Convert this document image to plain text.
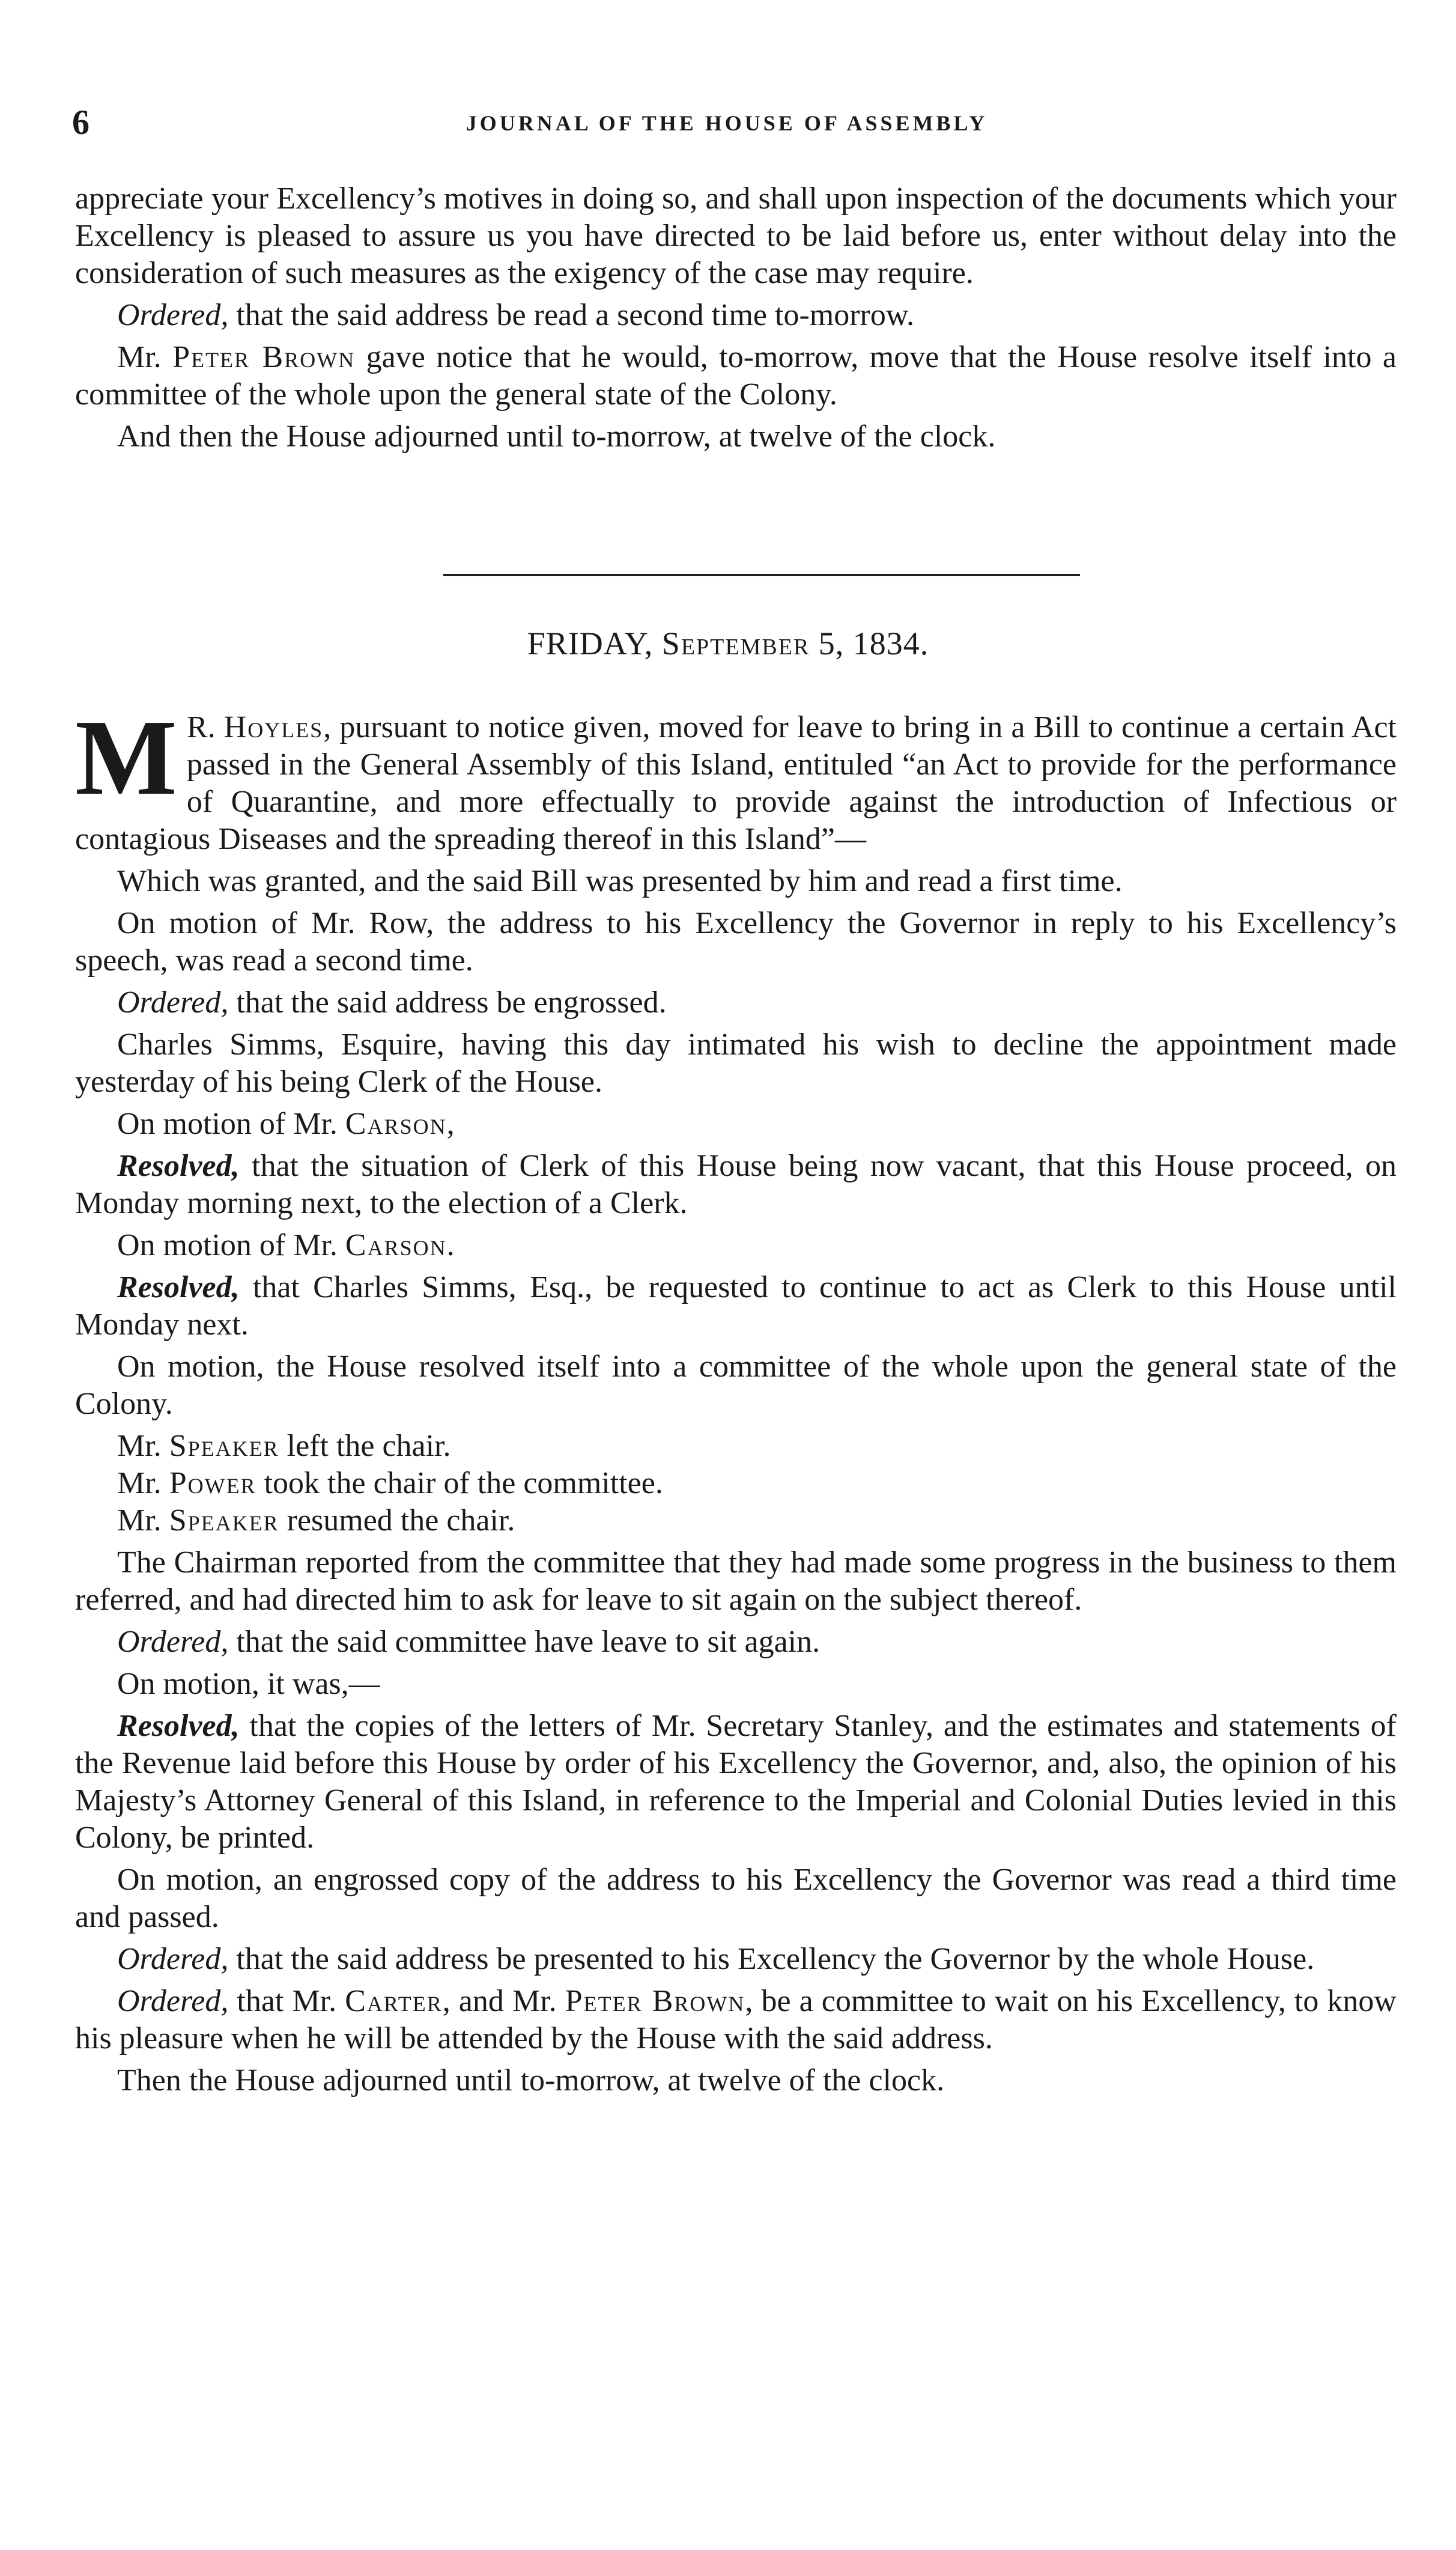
6	JOURNAL OF THE HOUSE OF ASSEMBLY

appreciate your Excellency’s motives in doing so, and shall upon inspection of the documents which your Excellency is pleased to assure us you have directed to be laid before us, enter without delay into the consideration of such measures as the exigency of the case may require.

Ordered, that the said address be read a second time to-morrow.

Mr. Peter Brown gave notice that he would, to-morrow, move that the House resolve itself into a committee of the whole upon the general state of the Colony.

And then the House adjourned until to-morrow, at twelve of the clock.

FRIDAY, September 5, 1834.

M R. Hoyles, pursuant to notice given, moved for leave to bring in a Bill to continue a certain Act passed in the General Assembly of this Island, entituled “an Act to provide for the performance of Quarantine, and more effectually to provide against the introduction of Infectious or contagious Diseases and the spreading thereof in this Island”—

Which was granted, and the said Bill was presented by him and read a first time.

On motion of Mr. Row, the address to his Excellency the Governor in reply to his Excellency’s speech, was read a second time.

Ordered, that the said address be engrossed.

Charles Simms, Esquire, having this day intimated his wish to decline the appointment made yesterday of his being Clerk of the House.

On motion of Mr. Carson,

Resolved, that the situation of Clerk of this House being now vacant, that this House proceed, on Monday morning next, to the election of a Clerk.

On motion of Mr. Carson.

Resolved, that Charles Simms, Esq., be requested to continue to act as Clerk to this House until Monday next.

On motion, the House resolved itself into a committee of the whole upon the general state of the Colony.

Mr. Speaker left the chair.

Mr. Power took the chair of the committee.

Mr. Speaker resumed the chair.

The Chairman reported from the committee that they had made some progress in the business to them referred, and had directed him to ask for leave to sit again on the subject thereof.

Ordered, that the said committee have leave to sit again.

On motion, it was,—

Resolved, that the copies of the letters of Mr. Secretary Stanley, and the estimates and statements of the Revenue laid before this House by order of his Excellency the Governor, and, also, the opinion of his Majesty’s Attorney General of this Island, in reference to the Imperial and Colonial Duties levied in this Colony, be printed.

On motion, an engrossed copy of the address to his Excellency the Governor was read a third time and passed.

Ordered, that the said address be presented to his Excellency the Governor by the whole House.

Ordered, that Mr. Carter, and Mr. Peter Brown, be a committee to wait on his Excellency, to know his pleasure when he will be attended by the House with the said address.

Then the House adjourned until to-morrow, at twelve of the clock.
